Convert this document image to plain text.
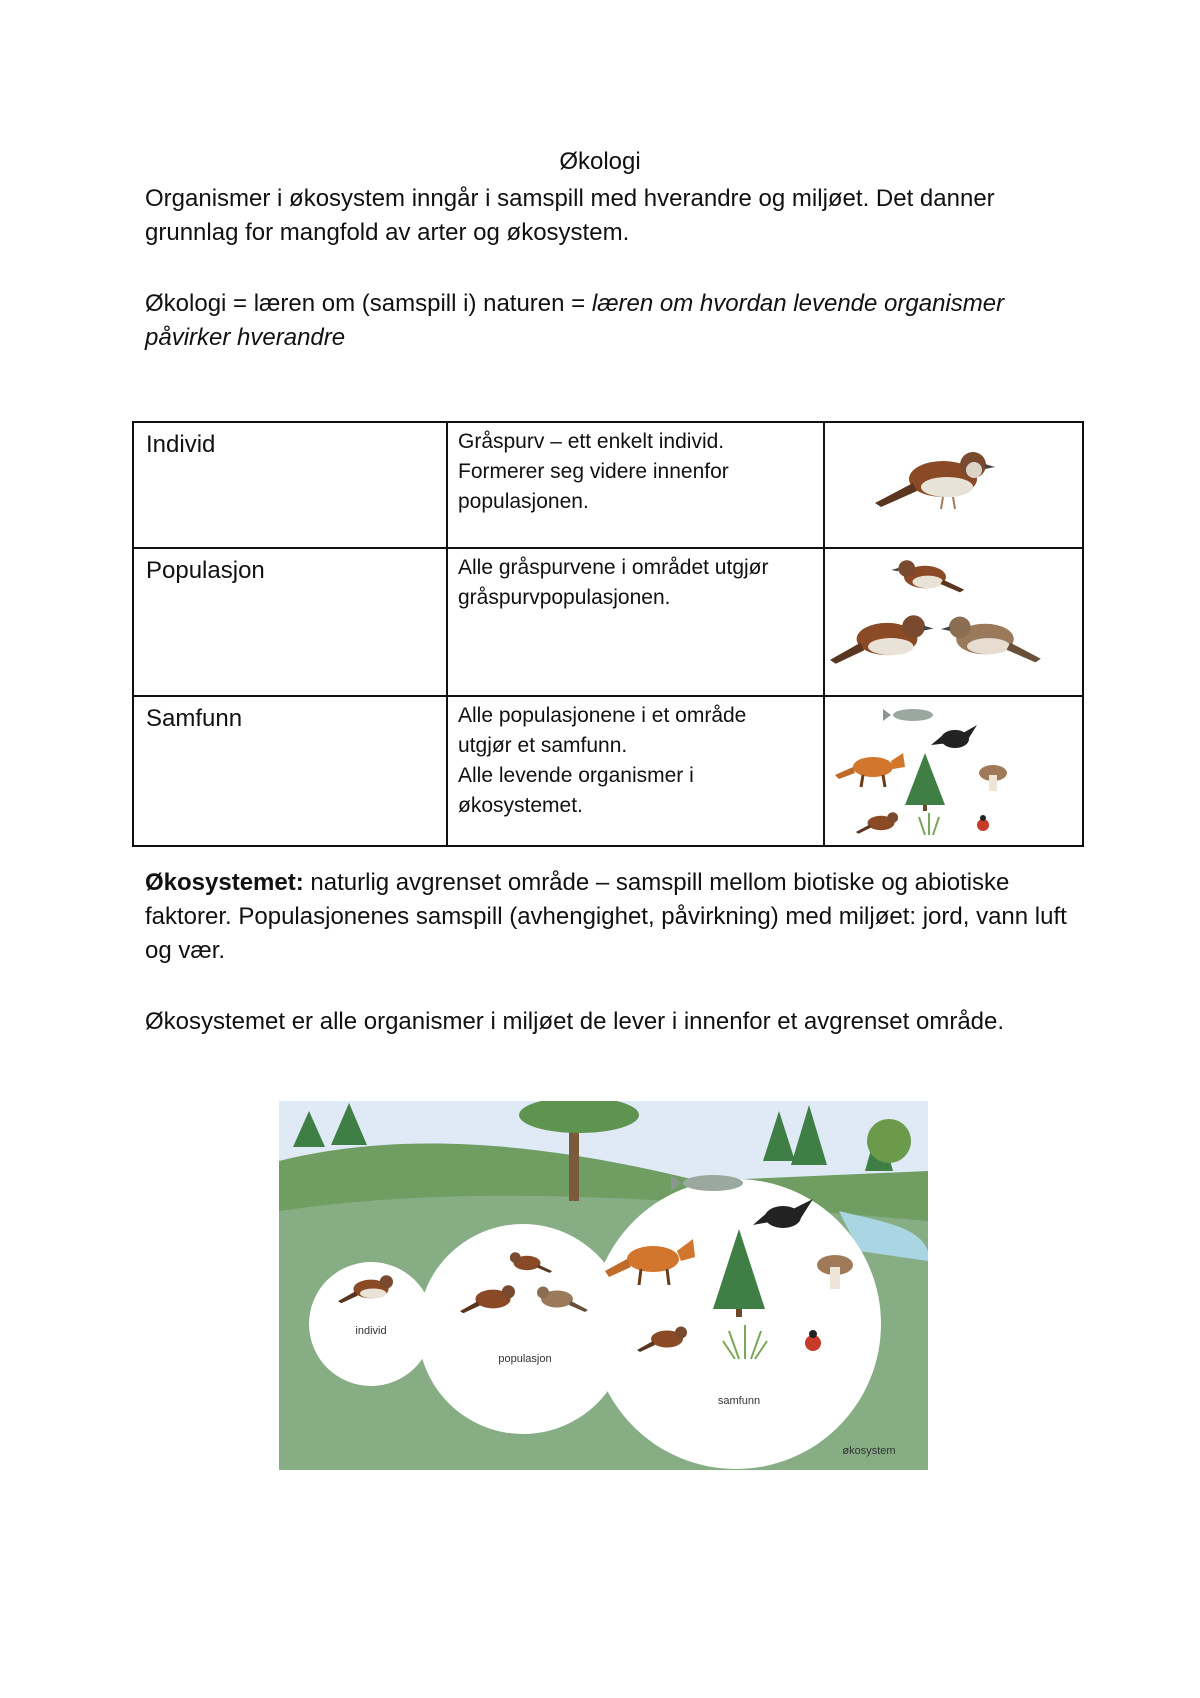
Økologi

Organismer i økosystem inngår i samspill med hverandre og miljøet. Det danner grunnlag for mangfold av arter og økosystem.

Økologi = læren om (samspill i) naturen = læren om hvordan levende organismer påvirker hverandre

Individ	Gråspurv – ett enkelt individ.
Formerer seg videre innenfor
populasjonen.

Populasjon	Alle gråspurvene i området utgjør
gråspurvpopulasjonen.

Samfunn	Alle populasjonene i et område
utgjør et samfunn.
Alle levende organismer i
økosystemet.

Økosystemet: naturlig avgrenset område – samspill mellom biotiske og abiotiske faktorer. Populasjonenes samspill (avhengighet, påvirkning) med miljøet: jord, vann luft og vær.

Økosystemet er alle organismer i miljøet de lever i innenfor et avgrenset område.

individ
populasjon
samfunn
økosystem
